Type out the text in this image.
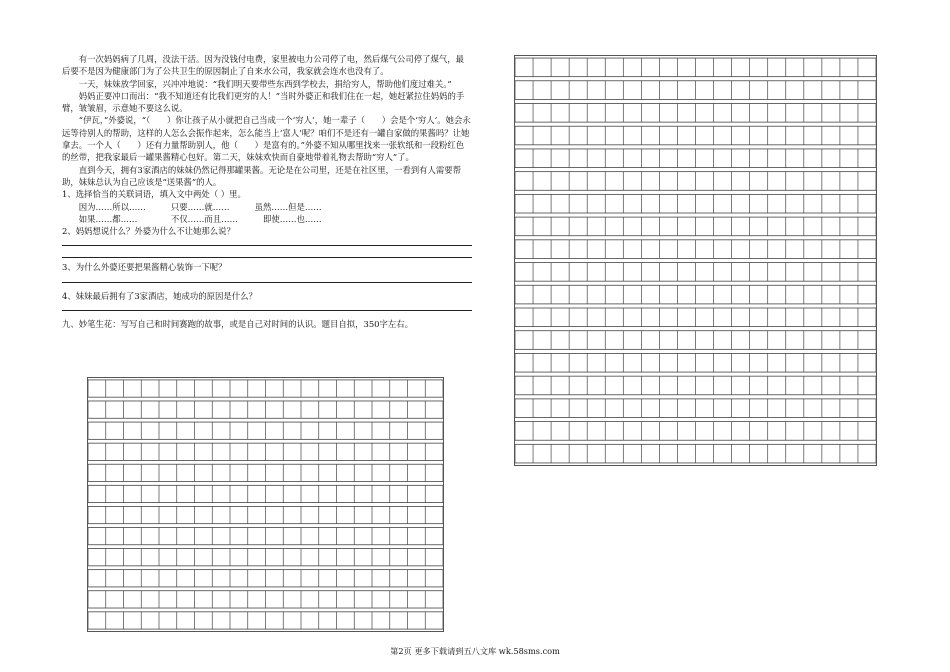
有一次妈妈病了几周，没法干活。因为没钱付电费，家里被电力公司停了电，然后煤气公司停了煤气，最后要不是因为健康部门为了公共卫生的原因制止了自来水公司，我家就会连水也没有了。

一天，妹妹放学回家，兴冲冲地说：“我们明天要带些东西到学校去，捐给穷人，帮助他们度过难关。”

妈妈正要冲口而出：“我不知道还有比我们更穷的人！”当时外婆正和我们住在一起，她赶紧拉住妈妈的手臂，皱皱眉，示意她不要这么说。

“伊瓦，”外婆说，“（　　）你让孩子从小就把自己当成一个‘穷人’，她一辈子（　　）会是个‘穷人’。她会永远等待别人的帮助，这样的人怎么会振作起来，怎么能当上‘富人’呢？咱们不是还有一罐自家做的果酱吗？让她拿去。一个人（　　）还有力量帮助别人，他（　　）是富有的。”外婆不知从哪里找来一张软纸和一段粉红色的丝带，把我家最后一罐果酱精心包好。第二天，妹妹欢快而自豪地带着礼物去帮助“穷人”了。

直到今天，拥有3家酒店的妹妹仍然记得那罐果酱。无论是在公司里，还是在社区里，一看到有人需要帮助，妹妹总认为自己应该是“送果酱”的人。

1、选择恰当的关联词语，填入文中两处（ ）里。

因为……所以……　　　只要……就……　　　虽然……但是……

如果……都……　　　　不仅……而且……　　　即使……也……

2、妈妈想说什么？外婆为什么不让她那么说？

3、为什么外婆还要把果酱精心装饰一下呢？

4、妹妹最后拥有了3家酒店，她成功的原因是什么？

九、妙笔生花：写写自己和时间赛跑的故事，或是自己对时间的认识。题目自拟，350字左右。

第2页 更多下载请到五八文库 wk.58sms.com
